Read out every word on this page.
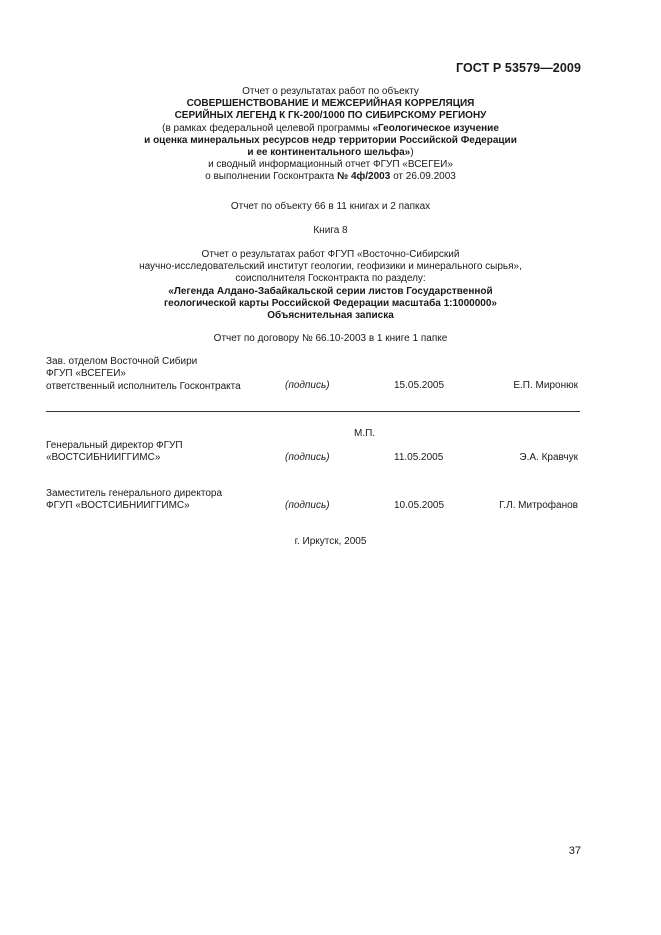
ГОСТ Р 53579—2009
Отчет о результатах работ по объекту
СОВЕРШЕНСТВОВАНИЕ И МЕЖСЕРИЙНАЯ КОРРЕЛЯЦИЯ
СЕРИЙНЫХ ЛЕГЕНД К ГК-200/1000 ПО СИБИРСКОМУ РЕГИОНУ
(в рамках федеральной целевой программы «Геологическое изучение
и оценка минеральных ресурсов недр территории Российской Федерации
и ее континентального шельфа»)
и сводный информационный отчет ФГУП «ВСЕГЕИ»
о выполнении Госконтракта № 4ф/2003 от 26.09.2003
Отчет по объекту 66 в 11 книгах и 2 папках
Книга 8
Отчет о результатах работ ФГУП «Восточно-Сибирский
научно-исследовательский институт геологии, геофизики и минерального сырья»,
соисполнителя Госконтракта по разделу:
«Легенда Алдано-Забайкальской серии листов Государственной
геологической карты Российской Федерации масштаба 1:1000000»
Объяснительная записка
Отчет по договору № 66.10-2003 в 1 книге 1 папке
Зав. отделом Восточной Сибири
ФГУП «ВСЕГЕИ»
ответственный исполнитель Госконтракта	(подпись)	15.05.2005	Е.П. Миронюк
М.П.
Генеральный директор ФГУП
«ВОСТСИБНИИГГИМС»	(подпись)	11.05.2005	Э.А. Кравчук
Заместитель генерального директора
ФГУП «ВОСТСИБНИИГГИМС»	(подпись)	10.05.2005	Г.Л. Митрофанов
г. Иркутск, 2005
37
